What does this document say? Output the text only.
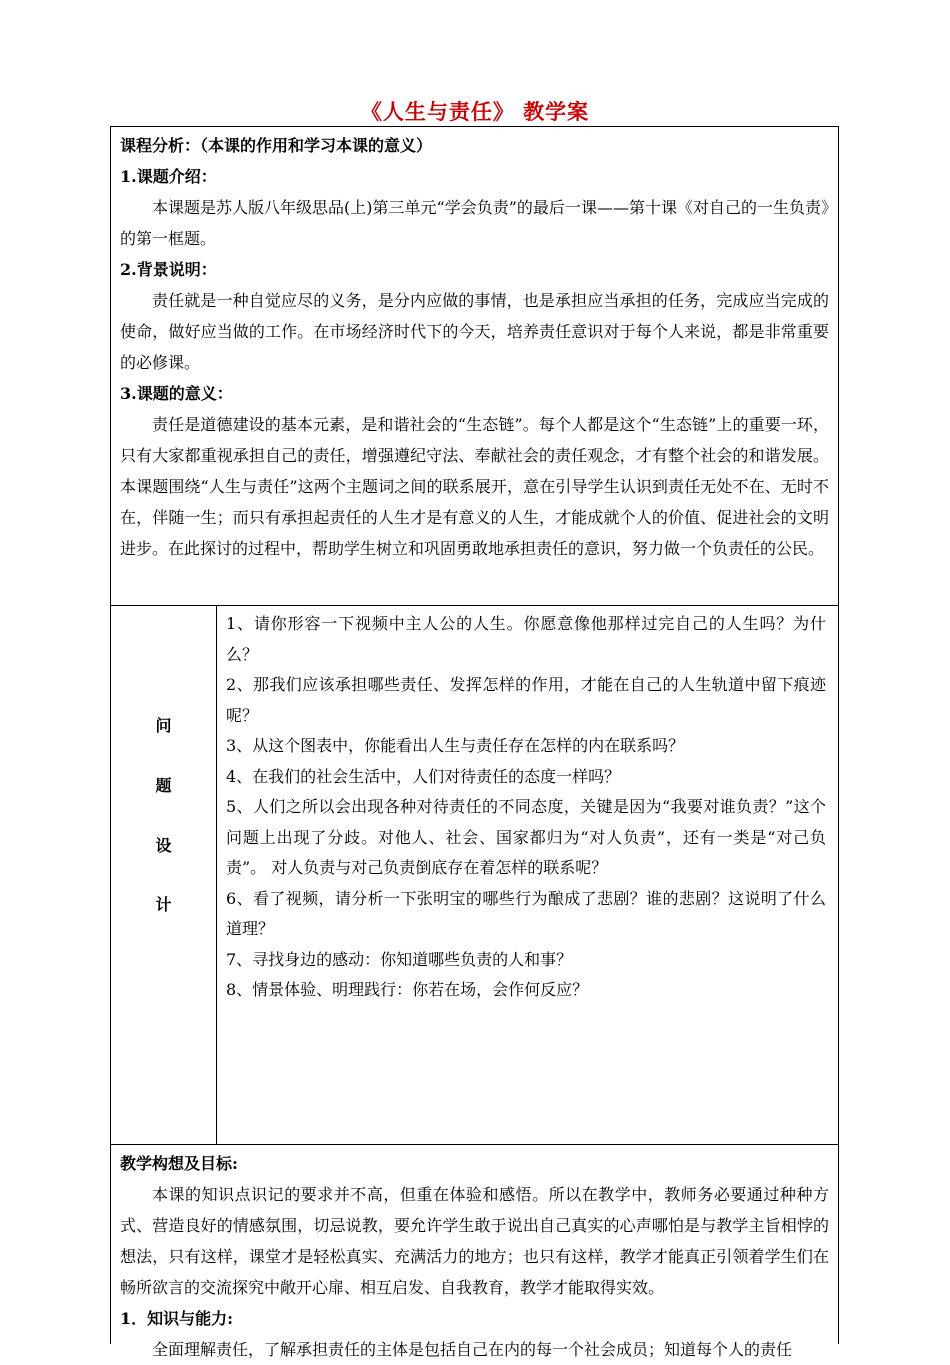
《人生与责任》 教学案
课程分析：（本课的作用和学习本课的意义）
1.课题介绍：
本课题是苏人版八年级思品(上)第三单元“学会负责”的最后一课——第十课《对自己的一生负责》的第一框题。
2.背景说明：
责任就是一种自觉应尽的义务，是分内应做的事情，也是承担应当承担的任务，完成应当完成的使命，做好应当做的工作。在市场经济时代下的今天，培养责任意识对于每个人来说，都是非常重要的必修课。
3.课题的意义：
责任是道德建设的基本元素，是和谐社会的“生态链”。每个人都是这个“生态链”上的重要一环，只有大家都重视承担自己的责任，增强遵纪守法、奉献社会的责任观念，才有整个社会的和谐发展。本课题围绕“人生与责任”这两个主题词之间的联系展开，意在引导学生认识到责任无处不在、无时不在，伴随一生；而只有承担起责任的人生才是有意义的人生，才能成就个人的价值、促进社会的文明进步。在此探讨的过程中，帮助学生树立和巩固勇敢地承担责任的意识，努力做一个负责任的公民。
问
题
设
计
1、请你形容一下视频中主人公的人生。你愿意像他那样过完自己的人生吗？为什么？
2、那我们应该承担哪些责任、发挥怎样的作用，才能在自己的人生轨道中留下痕迹呢？
3、从这个图表中，你能看出人生与责任存在怎样的内在联系吗？
4、在我们的社会生活中，人们对待责任的态度一样吗？
5、人们之所以会出现各种对待责任的不同态度，关键是因为“我要对谁负责？”这个问题上出现了分歧。对他人、社会、国家都归为“对人负责”，还有一类是“对己负责”。 对人负责与对己负责倒底存在着怎样的联系呢？
6、看了视频，请分析一下张明宝的哪些行为酿成了悲剧？谁的悲剧？这说明了什么道理？
7、寻找身边的感动：你知道哪些负责的人和事？
8、情景体验、明理践行：你若在场，会作何反应？
教学构想及目标:
本课的知识点识记的要求并不高，但重在体验和感悟。所以在教学中，教师务必要通过种种方式、营造良好的情感氛围，切忌说教，要允许学生敢于说出自己真实的心声哪怕是与教学主旨相悖的想法，只有这样，课堂才是轻松真实、充满活力的地方；也只有这样，教学才能真正引领着学生们在畅所欲言的交流探究中敞开心扉、相互启发、自我教育，教学才能取得实效。
1．知识与能力:
全面理解责任，了解承担责任的主体是包括自己在内的每一个社会成员；知道每个人的责任
